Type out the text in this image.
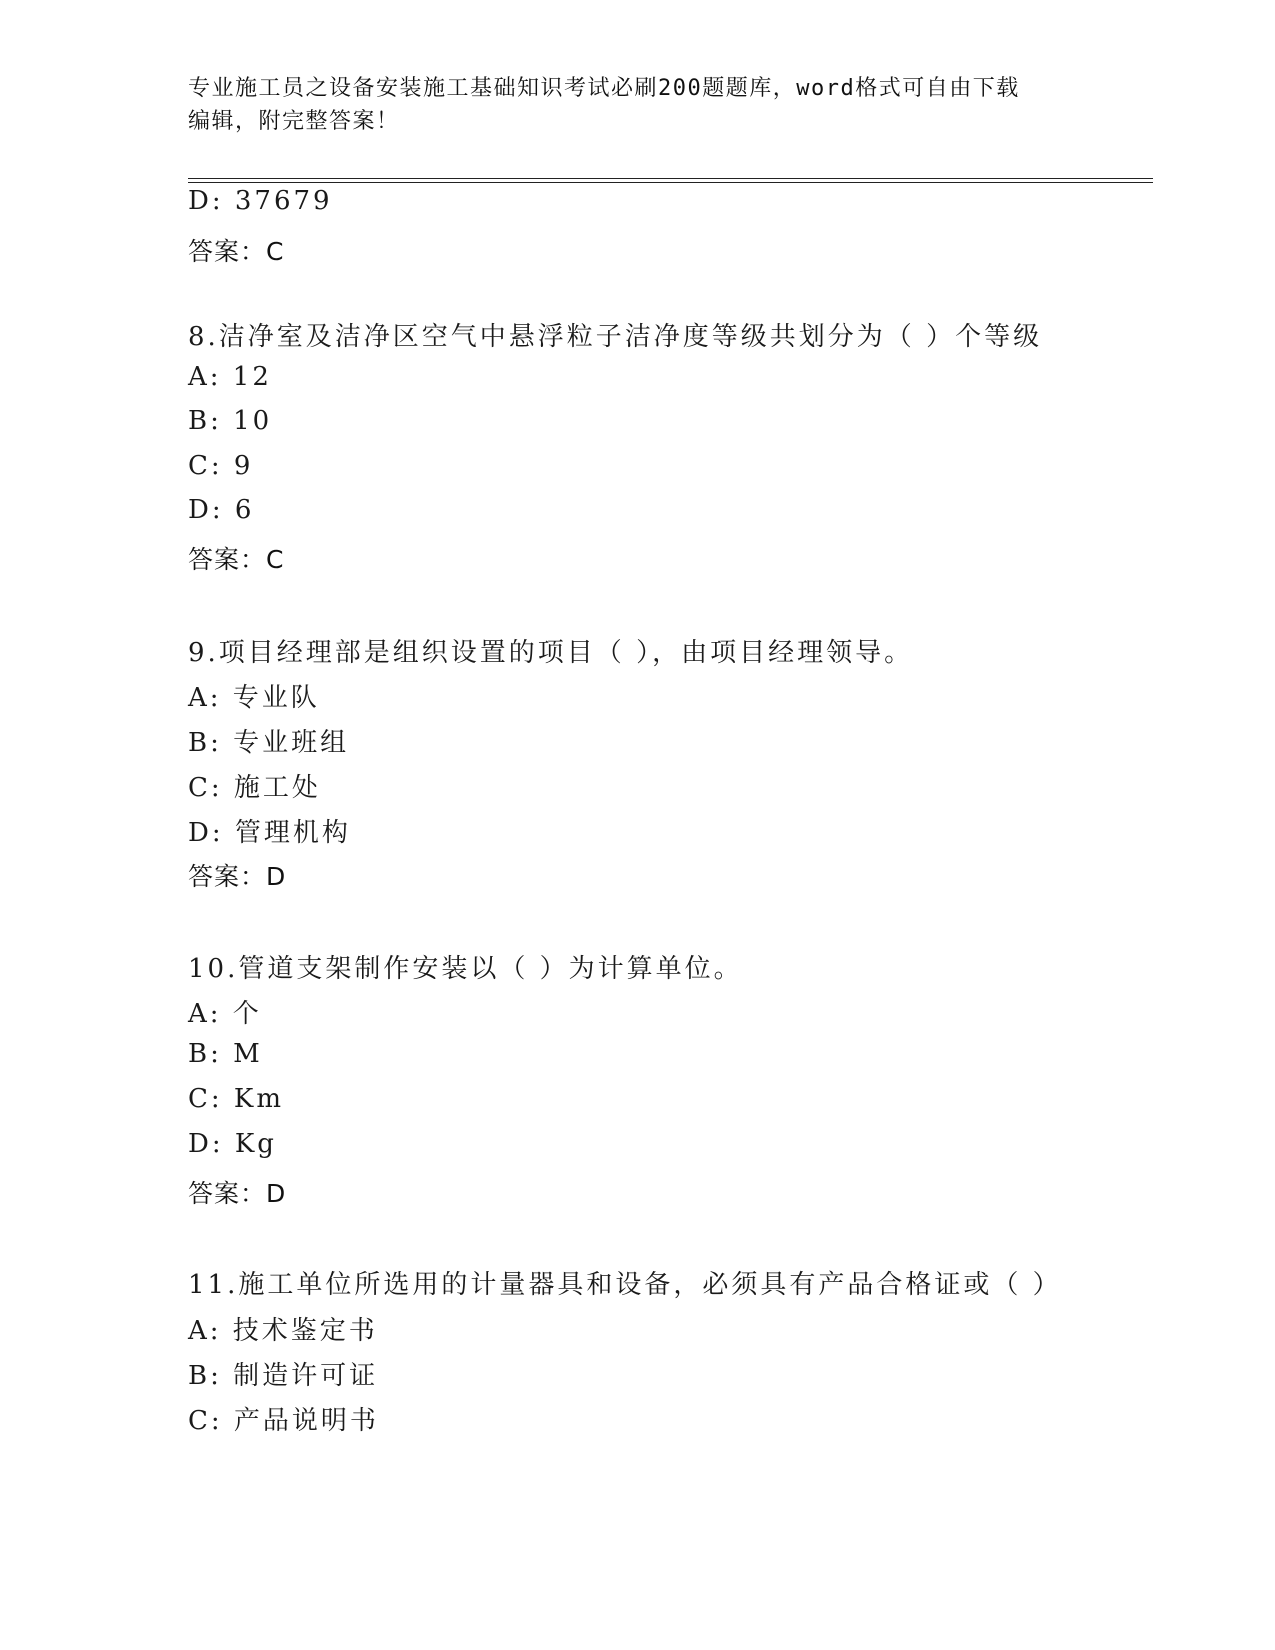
专业施工员之设备安装施工基础知识考试必刷200题题库，word格式可自由下载
编辑，附完整答案！
D: 37679
答案：C
8.洁净室及洁净区空气中悬浮粒子洁净度等级共划分为（ ）个等级
A: 12
B: 10
C: 9
D: 6
答案：C
9.项目经理部是组织设置的项目（ ），由项目经理领导。
A: 专业队
B: 专业班组
C: 施工处
D: 管理机构
答案：D
10.管道支架制作安装以（ ）为计算单位。
A: 个
B: M
C: Km
D: Kg
答案：D
11.施工单位所选用的计量器具和设备，必须具有产品合格证或（ ）
A: 技术鉴定书
B: 制造许可证
C: 产品说明书
